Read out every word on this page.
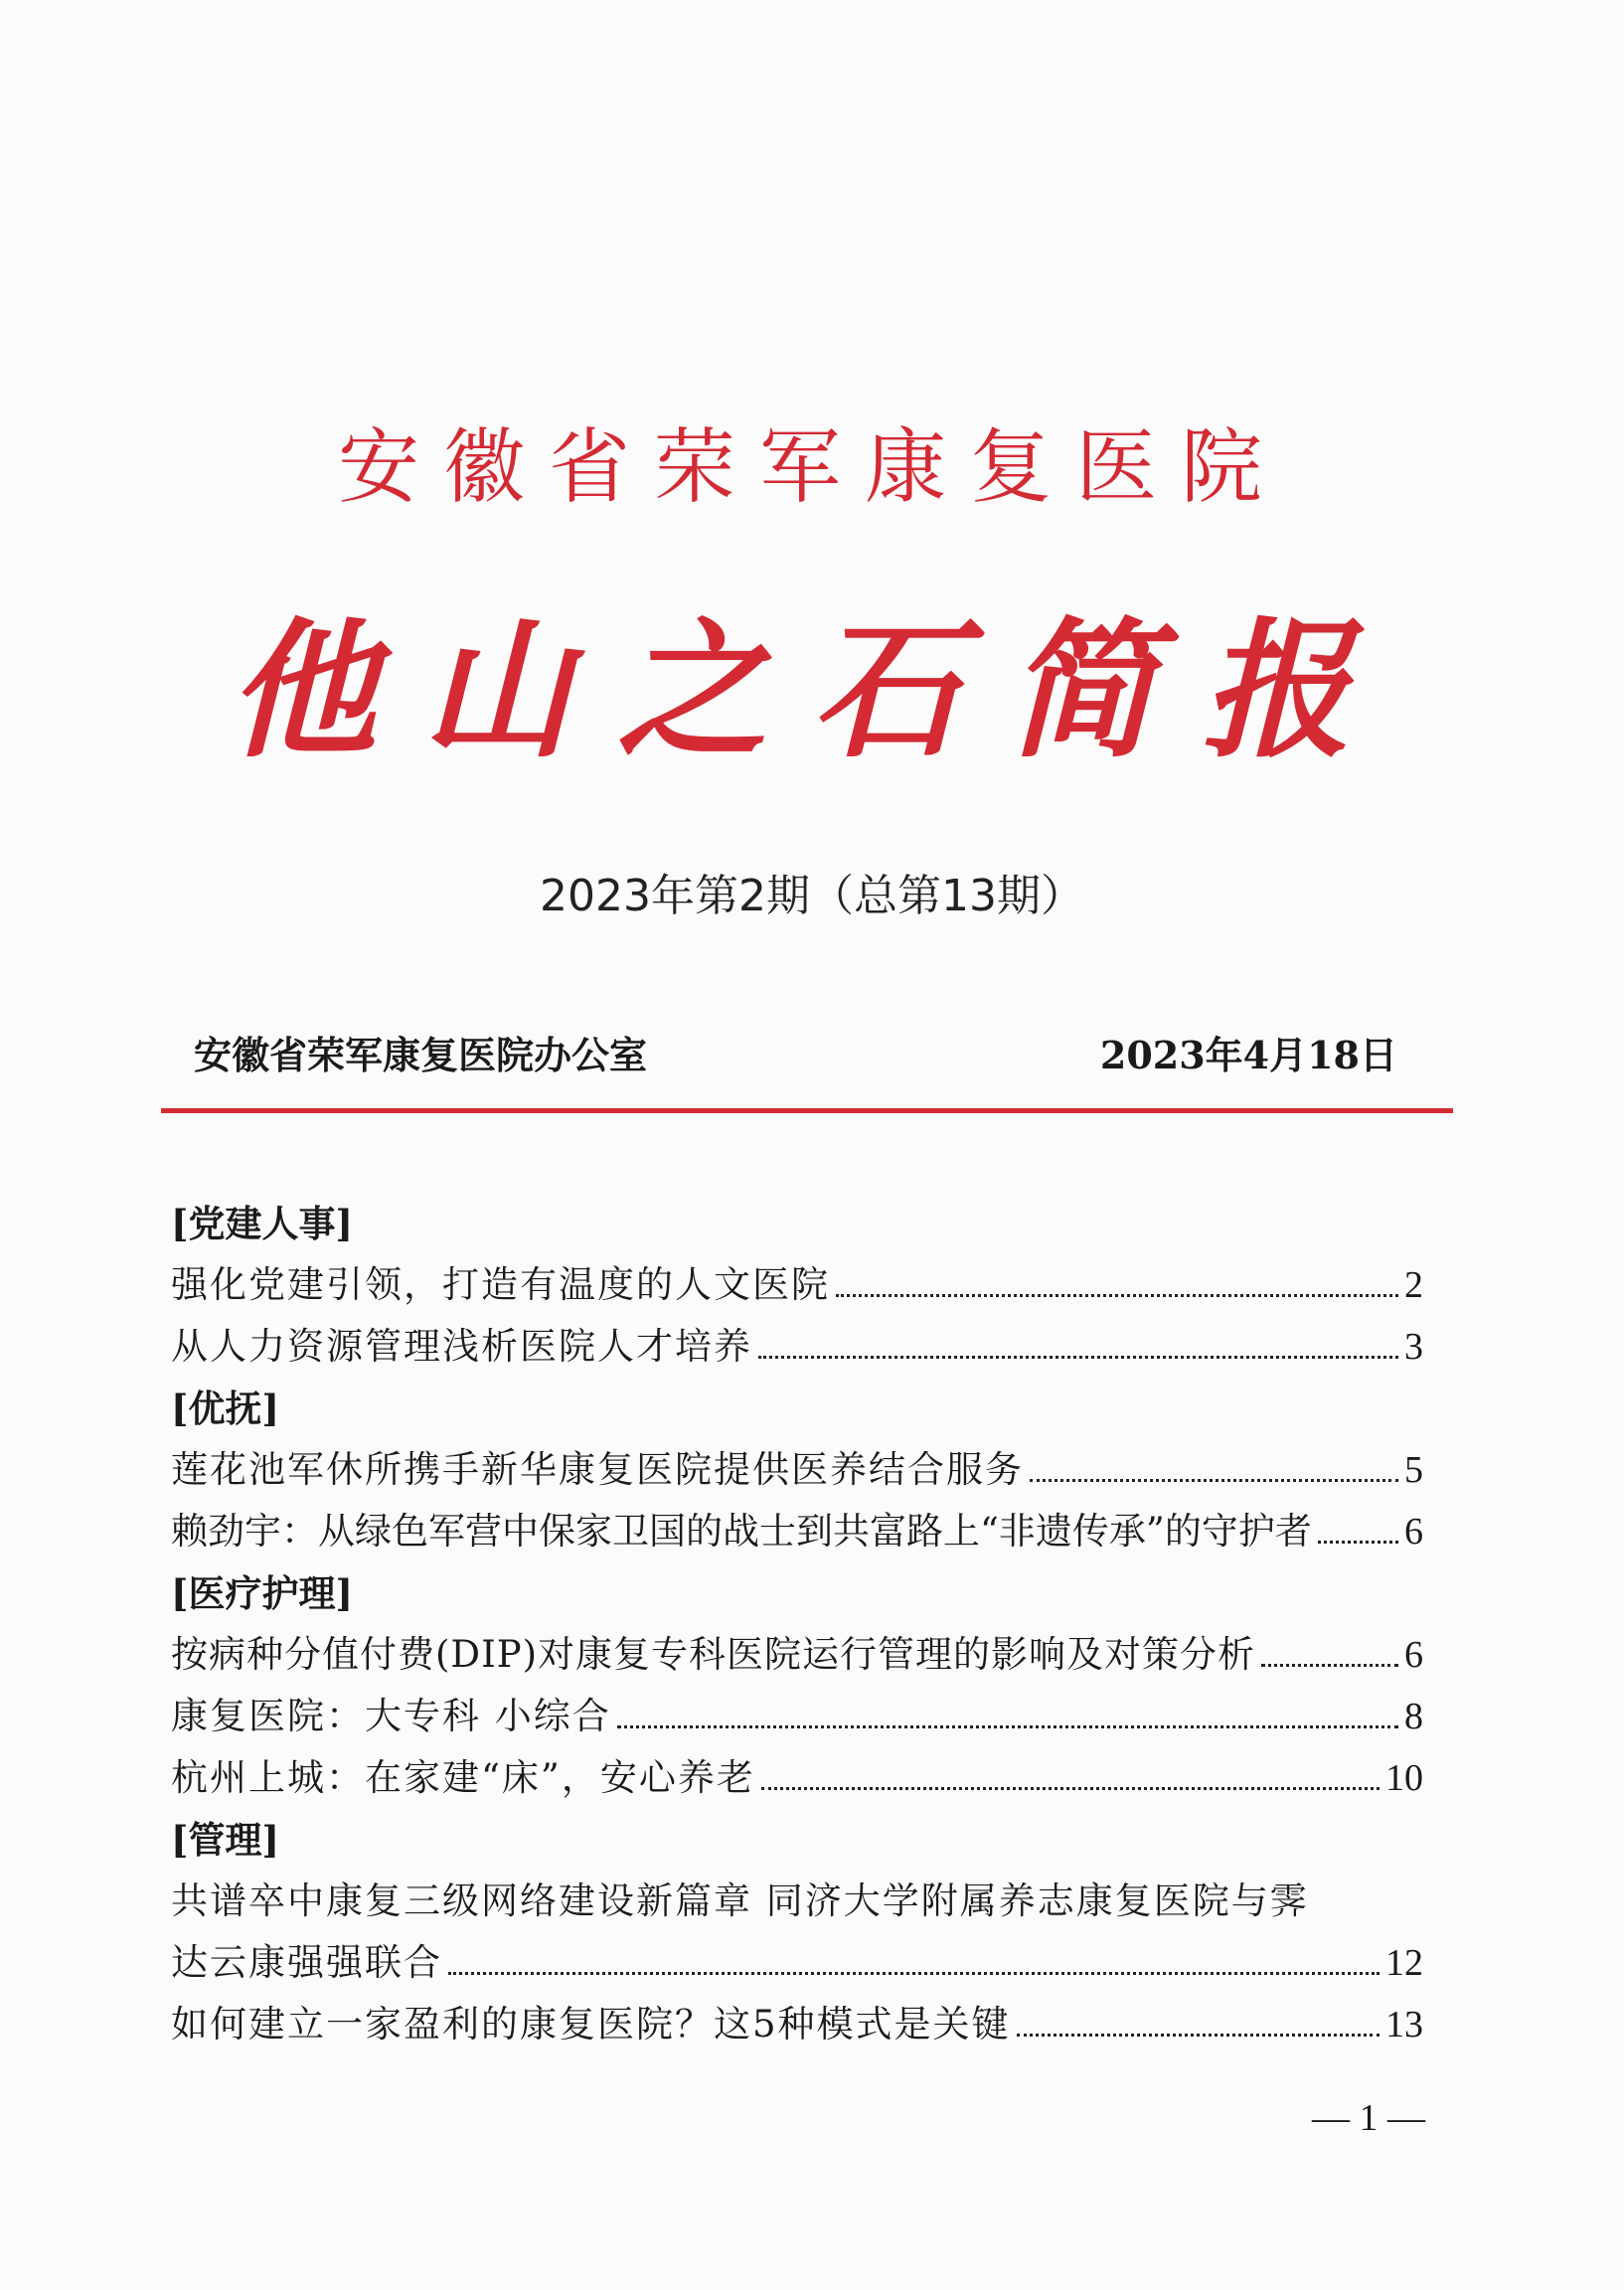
安徽省荣军康复医院
他山之石简报
2023年第2期（总第13期）
安徽省荣军康复医院办公室	2023年4月18日
[党建人事]
强化党建引领，打造有温度的人文医院	2
从人力资源管理浅析医院人才培养	3
[优抚]
莲花池军休所携手新华康复医院提供医养结合服务	5
赖劲宇：从绿色军营中保家卫国的战士到共富路上“非遗传承”的守护者 6
[医疗护理]
按病种分值付费(DIP)对康复专科医院运行管理的影响及对策分析	6
康复医院：大专科 小综合	8
杭州上城：在家建“床”，安心养老	10
[管理]
共谱卒中康复三级网络建设新篇章 同济大学附属养志康复医院与霁
达云康强强联合	12
如何建立一家盈利的康复医院？这5种模式是关键	13
— 1 —
